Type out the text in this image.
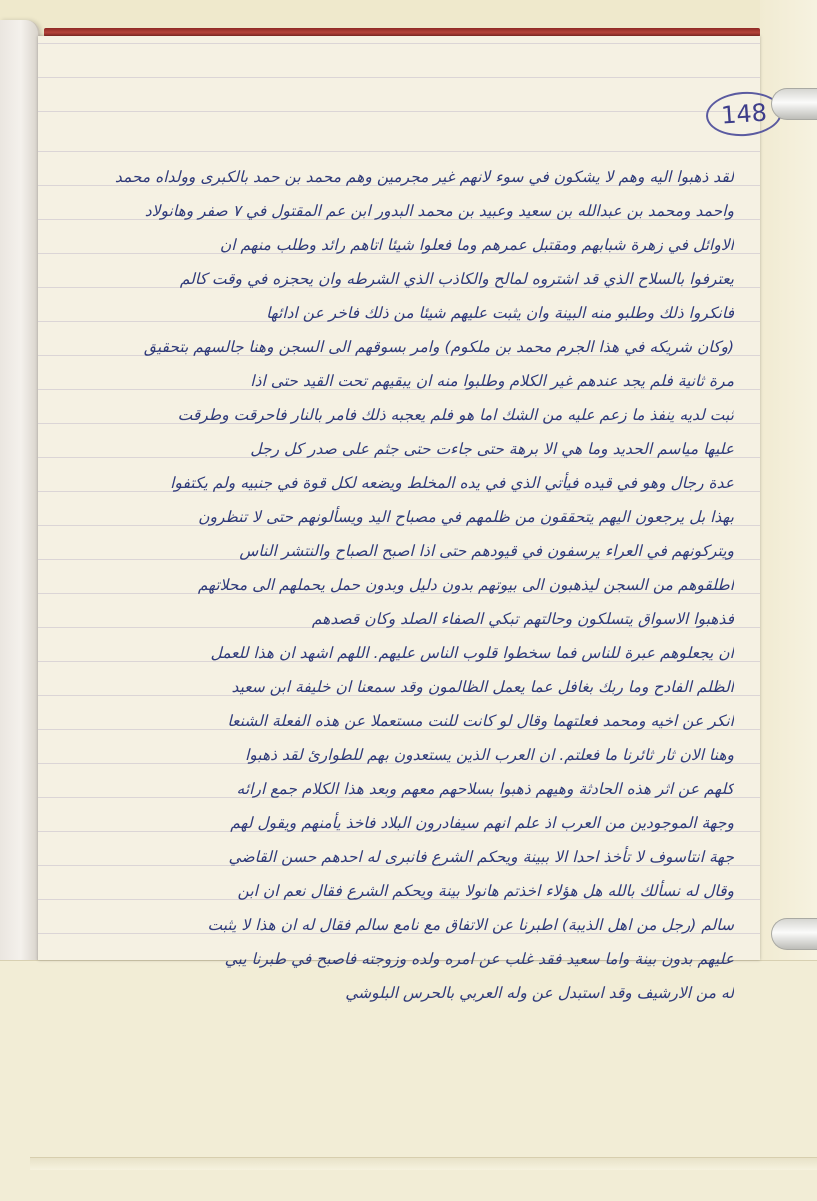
148
لقد ذهبوا اليه وهم لا يشكون في سوء لانهم غير مجرمين وهم محمد بن حمد بالكبرى وولداه محمد
واحمد ومحمد بن عبدالله بن سعيد وعبيد بن محمد البدور ابن عم المقتول في ٧ صفر وهانولاد
الاوائل في زهرة شبابهم ومقتبل عمرهم وما فعلوا شيئا اتاهم رائد وطلب منهم ان
يعترفوا بالسلاح الذي قد اشتروه لمالح والكاذب الذي الشرطه وان يحجزه في وقت كالم
فانكروا ذلك وطلبو منه البينة وان يثبت عليهم شيئا من ذلك فاخر عن ادائها
(وكان شريكه في هذا الجرم محمد بن ملكوم) وامر بسوقهم الى السجن وهنا جالسهم بتحقيق
مرة ثانية فلم يجد عندهم غير الكلام وطلبوا منه ان يبقيهم تحت القيد حتى اذا
ثبت لديه ينفذ ما زعم عليه من الشك اما هو فلم يعجبه ذلك فامر بالنار فاحرقت وطرقت
عليها مياسم الحديد وما هي الا برهة حتى جاءت حتى جثم على صدر كل رجل
عدة رجال وهو في قيده فيأتي الذي في يده المخلط ويضعه لكل قوة في جنبيه ولم يكتفوا
بهذا بل يرجعون اليهم يتحققون من ظلمهم في مصباح اليد ويسألونهم حتى لا تنظرون
ويتركونهم في العراء يرسفون في قيودهم حتى اذا اصبح الصباح والنتشر الناس
اطلقوهم من السجن ليذهبون الى بيوتهم بدون دليل وبدون حمل يحملهم الى محلاتهم
فذهبوا الاسواق يتسلكون وحالتهم تبكي الصفاء الصلد وكان قصدهم
ان يجعلوهم عبرة للناس فما سخطوا قلوب الناس عليهم. اللهم اشهد ان هذا للعمل
الظلم الفادح وما ربك بغافل عما يعمل الظالمون وقد سمعنا ان خليفة ابن سعيد
انكر عن اخيه ومحمد فعلتهما وقال لو كانت للنت مستعملا عن هذه الفعلة الشنعا
وهنا الان ثار ثائرنا ما فعلتم. ان العرب الذين يستعدون بهم للطوارئ لقد ذهبوا
كلهم عن اثر هذه الحادثة وهيهم ذهبوا بسلاحهم معهم وبعد هذا الكلام جمع ارائه
وجهة الموجودين من العرب اذ علم انهم سيفادرون البلاد فاخذ يأمنهم ويقول لهم
جهة انتاسوف لا تأخذ احدا الا ببينة ويحكم الشرع فانبرى له احدهم حسن القاضي
وقال له نسألك بالله هل هؤلاء اخذتم هانولا بينة ويحكم الشرع فقال نعم ان ابن
سالم (رجل من اهل الذيبة) اطبرنا عن الاتفاق مع نامع سالم فقال له ان هذا لا يثبت
عليهم بدون بينة واما سعيد فقد غلب عن امره ولده وزوجته فاصبح في طبرنا يبي
له من الارشيف وقد استبدل عن وله العربي بالحرس البلوشي
